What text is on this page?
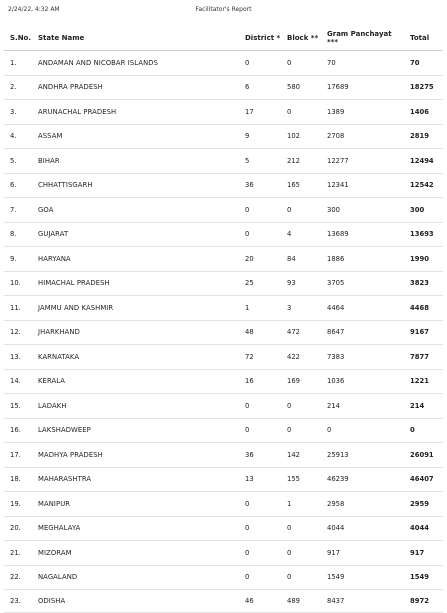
2/24/22, 4:32 AM	Facilitator's Report
S.No.	State Name	District *	Block **	Gram Panchayat ***	Total
1.	ANDAMAN AND NICOBAR ISLANDS	0	0	70	70
2.	ANDHRA PRADESH	6	580	17689	18275
3.	ARUNACHAL PRADESH	17	0	1389	1406
4.	ASSAM	9	102	2708	2819
5.	BIHAR	5	212	12277	12494
6.	CHHATTISGARH	36	165	12341	12542
7.	GOA	0	0	300	300
8.	GUJARAT	0	4	13689	13693
9.	HARYANA	20	84	1886	1990
10.	HIMACHAL PRADESH	25	93	3705	3823
11.	JAMMU AND KASHMIR	1	3	4464	4468
12.	JHARKHAND	48	472	8647	9167
13.	KARNATAKA	72	422	7383	7877
14.	KERALA	16	169	1036	1221
15.	LADAKH	0	0	214	214
16.	LAKSHADWEEP	0	0	0	0
17.	MADHYA PRADESH	36	142	25913	26091
18.	MAHARASHTRA	13	155	46239	46407
19.	MANIPUR	0	1	2958	2959
20.	MEGHALAYA	0	0	4044	4044
21.	MIZORAM	0	0	917	917
22.	NAGALAND	0	0	1549	1549
23.	ODISHA	46	489	8437	8972
